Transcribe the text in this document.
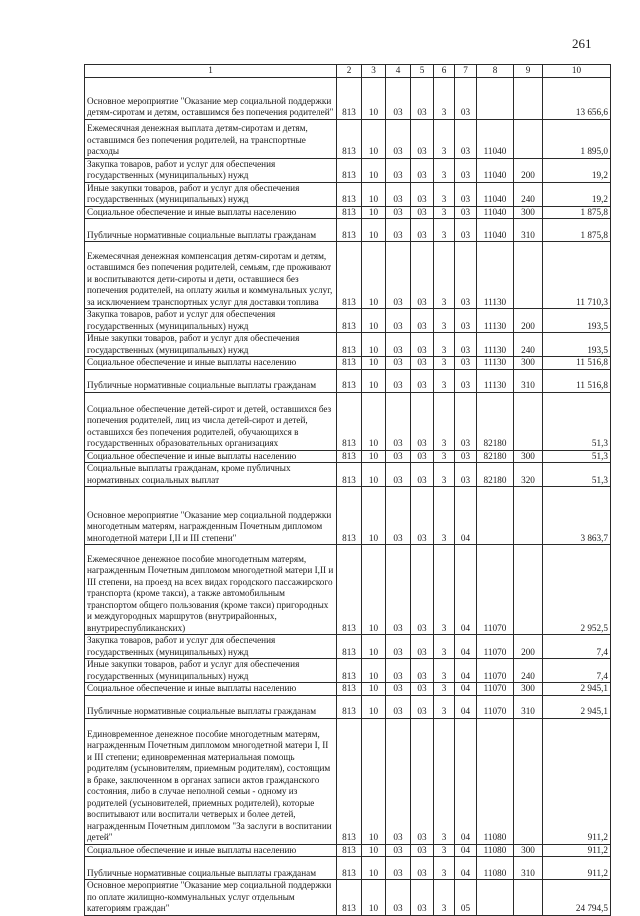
261
1	2	3	4	5	6	7	8	9	10
Основное мероприятие "Оказание мер социальной поддержки детям-сиротам и детям, оставшимся без попечения родителей"	813	10	03	03	3	03			13 656,6
Ежемесячная денежная выплата детям-сиротам и детям, оставшимся без попечения родителей, на транспортные расходы	813	10	03	03	3	03	11040		1 895,0
Закупка товаров, работ и услуг для обеспечения государственных (муниципальных) нужд	813	10	03	03	3	03	11040	200	19,2
Иные закупки товаров, работ и услуг для обеспечения государственных (муниципальных) нужд	813	10	03	03	3	03	11040	240	19,2
Социальное обеспечение и иные выплаты населению	813	10	03	03	3	03	11040	300	1 875,8
Публичные нормативные социальные выплаты гражданам	813	10	03	03	3	03	11040	310	1 875,8
Ежемесячная денежная компенсация детям-сиротам и детям, оставшимся без попечения родителей, семьям, где проживают и воспитываются дети-сироты и дети, оставшиеся без попечения родителей, на оплату жилья и коммунальных услуг, за исключением транспортных услуг для доставки топлива	813	10	03	03	3	03	11130		11 710,3
Закупка товаров, работ и услуг для обеспечения государственных (муниципальных) нужд	813	10	03	03	3	03	11130	200	193,5
Иные закупки товаров, работ и услуг для обеспечения государственных (муниципальных) нужд	813	10	03	03	3	03	11130	240	193,5
Социальное обеспечение и иные выплаты населению	813	10	03	03	3	03	11130	300	11 516,8
Публичные нормативные социальные выплаты гражданам	813	10	03	03	3	03	11130	310	11 516,8
Социальное обеспечение детей-сирот и детей, оставшихся без попечения родителей, лиц из числа детей-сирот и детей, оставшихся без попечения родителей, обучающихся в государственных образовательных организациях	813	10	03	03	3	03	82180		51,3
Социальное обеспечение и иные выплаты населению	813	10	03	03	3	03	82180	300	51,3
Социальные выплаты гражданам, кроме публичных нормативных социальных выплат	813	10	03	03	3	03	82180	320	51,3
Основное мероприятие "Оказание мер социальной поддержки многодетным матерям, награжденным Почетным дипломом многодетной матери I,II и III степени"	813	10	03	03	3	04			3 863,7
Ежемесячное денежное пособие многодетным матерям, награжденным Почетным дипломом многодетной матери I,II и III степени, на проезд на всех видах городского пассажирского транспорта (кроме такси), а также автомобильным транспортом общего пользования (кроме такси) пригородных и междугородных маршрутов (внутрирайонных, внутриреспубликанских)	813	10	03	03	3	04	11070		2 952,5
Закупка товаров, работ и услуг для обеспечения государственных (муниципальных) нужд	813	10	03	03	3	04	11070	200	7,4
Иные закупки товаров, работ и услуг для обеспечения государственных (муниципальных) нужд	813	10	03	03	3	04	11070	240	7,4
Социальное обеспечение и иные выплаты населению	813	10	03	03	3	04	11070	300	2 945,1
Публичные нормативные социальные выплаты гражданам	813	10	03	03	3	04	11070	310	2 945,1
Единовременное денежное пособие многодетным матерям, награжденным Почетным дипломом многодетной матери I, II и III степени; единовременная материальная помощь родителям (усыновителям, приемным родителям), состоящим в браке, заключенном в органах записи актов гражданского состояния, либо в случае неполной семьи - одному из родителей (усыновителей, приемных родителей), которые воспитывают или воспитали четверых и более детей, награжденным Почетным дипломом "За заслуги в воспитании детей"	813	10	03	03	3	04	11080		911,2
Социальное обеспечение и иные выплаты населению	813	10	03	03	3	04	11080	300	911,2
Публичные нормативные социальные выплаты гражданам	813	10	03	03	3	04	11080	310	911,2
Основное мероприятие "Оказание мер социальной поддержки по оплате жилищно-коммунальных услуг отдельным категориям граждан"	813	10	03	03	3	05			24 794,5
